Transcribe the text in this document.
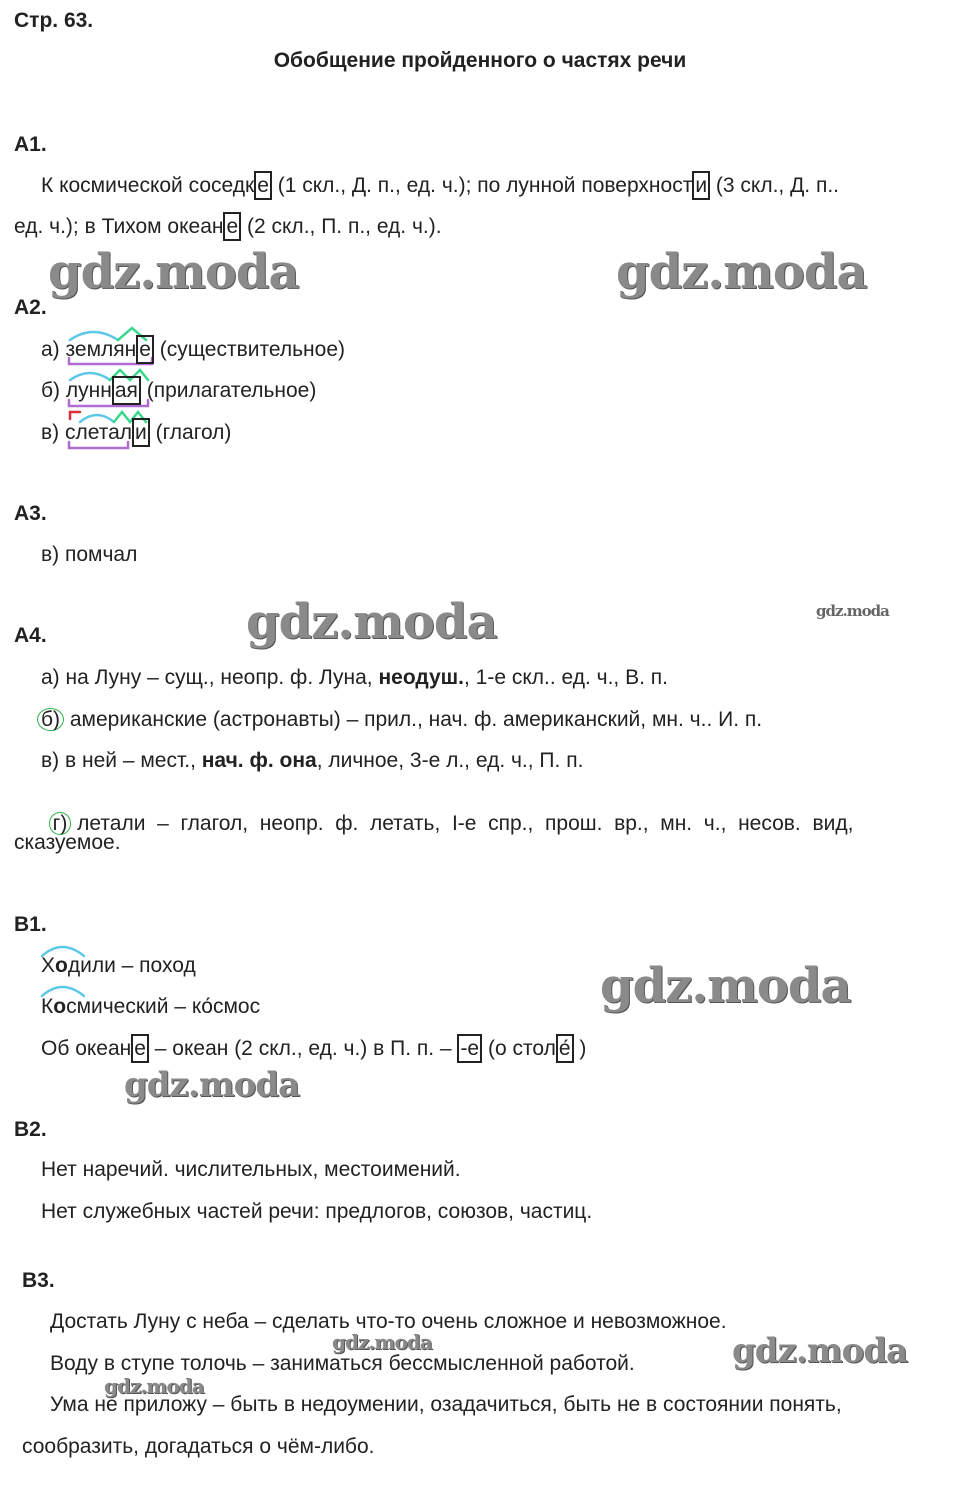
Стр. 63.
Обобщение пройденного о частях речи
А1.
К космической соседк е (1 скл., Д. п., ед. ч.); по лунной поверхност и (3 скл., Д. п..
ед. ч.); в Тихом океан е (2 скл., П. п., ед. ч.).
gdz.moda	gdz.moda
А2.
а) землян е (существительное)
б) лунн ая (прилагательное)
в) слетал и (глагол)
А3.
в) помчал
gdz.moda	gdz.moda
А4.
а) на Луну – сущ., неопр. ф. Луна, неодуш., 1-е скл.. ед. ч., В. п.
б) американские (астронавты) – прил., нач. ф. американский, мн. ч.. И. п.
в) в ней – мест., нач. ф. она, личное, 3-е л., ед. ч., П. п.

г) летали  –  глагол,  неопр.  ф.  летать,  I-е  спр.,  прош.  вр.,  мн.  ч.,  несов.  вид,

сказуемое.
В1.
Ходили – поход
Космический – ко́смос	gdz.moda
Об океан е – океан (2 скл., ед. ч.) в П. п. – -е (о стол е́ )
gdz.moda
В2.
Нет наречий. числительных, местоимений.
Нет служебных частей речи: предлогов, союзов, частиц.
В3.
Достать Луну с неба – сделать что-то очень сложное и невозможное.
gdz.moda
Воду в ступе толочь – заниматься бессмысленной работой.	gdz.moda
gdz.moda
Ума не приложу – быть в недоумении, озадачиться, быть не в состоянии понять,
сообразить, догадаться о чём-либо.
